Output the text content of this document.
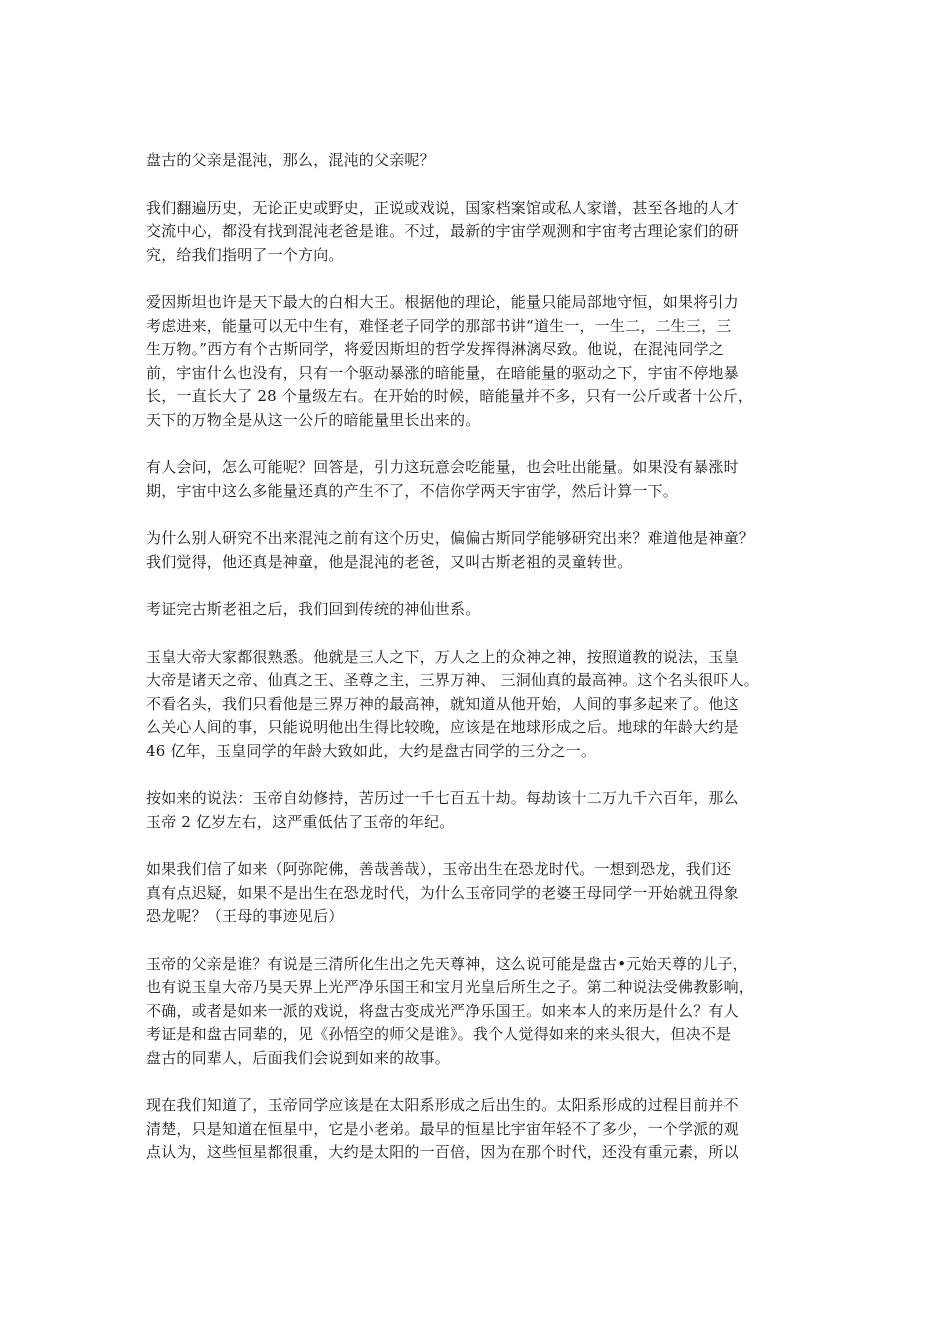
盘古的父亲是混沌，那么，混沌的父亲呢？

我们翻遍历史，无论正史或野史，正说或戏说，国家档案馆或私人家谱，甚至各地的人才
交流中心，都没有找到混沌老爸是谁。不过，最新的宇宙学观测和宇宙考古理论家们的研
究，给我们指明了一个方向。

爱因斯坦也许是天下最大的白相大王。根据他的理论，能量只能局部地守恒，如果将引力
考虑进来，能量可以无中生有，难怪老子同学的那部书讲“道生一，一生二，二生三，三
生万物。”西方有个古斯同学，将爱因斯坦的哲学发挥得淋漓尽致。他说，在混沌同学之
前，宇宙什么也没有，只有一个驱动暴涨的暗能量，在暗能量的驱动之下，宇宙不停地暴
长，一直长大了 28 个量级左右。在开始的时候，暗能量并不多，只有一公斤或者十公斤，
天下的万物全是从这一公斤的暗能量里长出来的。

有人会问，怎么可能呢？回答是，引力这玩意会吃能量，也会吐出能量。如果没有暴涨时
期，宇宙中这么多能量还真的产生不了，不信你学两天宇宙学，然后计算一下。

为什么别人研究不出来混沌之前有这个历史，偏偏古斯同学能够研究出来？难道他是神童？
我们觉得，他还真是神童，他是混沌的老爸，又叫古斯老祖的灵童转世。

考证完古斯老祖之后，我们回到传统的神仙世系。

玉皇大帝大家都很熟悉。他就是三人之下，万人之上的众神之神，按照道教的说法，玉皇
大帝是诸天之帝、仙真之王、圣尊之主，三界万神、 三洞仙真的最高神。这个名头很吓人。
不看名头，我们只看他是三界万神的最高神，就知道从他开始，人间的事多起来了。他这
么关心人间的事，只能说明他出生得比较晚，应该是在地球形成之后。地球的年龄大约是
46 亿年，玉皇同学的年龄大致如此，大约是盘古同学的三分之一。

按如来的说法：玉帝自幼修持，苦历过一千七百五十劫。每劫该十二万九千六百年，那么
玉帝 2 亿岁左右，这严重低估了玉帝的年纪。

如果我们信了如来（阿弥陀佛，善哉善哉），玉帝出生在恐龙时代。一想到恐龙，我们还
真有点迟疑，如果不是出生在恐龙时代，为什么玉帝同学的老婆王母同学一开始就丑得象
恐龙呢？（王母的事迹见后）

玉帝的父亲是谁？有说是三清所化生出之先天尊神，这么说可能是盘古•元始天尊的儿子，
也有说玉皇大帝乃昊天界上光严净乐国王和宝月光皇后所生之子。第二种说法受佛教影响，
不确，或者是如来一派的戏说，将盘古变成光严净乐国王。如来本人的来历是什么？有人
考证是和盘古同辈的，见《孙悟空的师父是谁》。我个人觉得如来的来头很大，但决不是
盘古的同辈人，后面我们会说到如来的故事。

现在我们知道了，玉帝同学应该是在太阳系形成之后出生的。太阳系形成的过程目前并不
清楚，只是知道在恒星中，它是小老弟。最早的恒星比宇宙年轻不了多少，一个学派的观
点认为，这些恒星都很重，大约是太阳的一百倍，因为在那个时代，还没有重元素，所以
